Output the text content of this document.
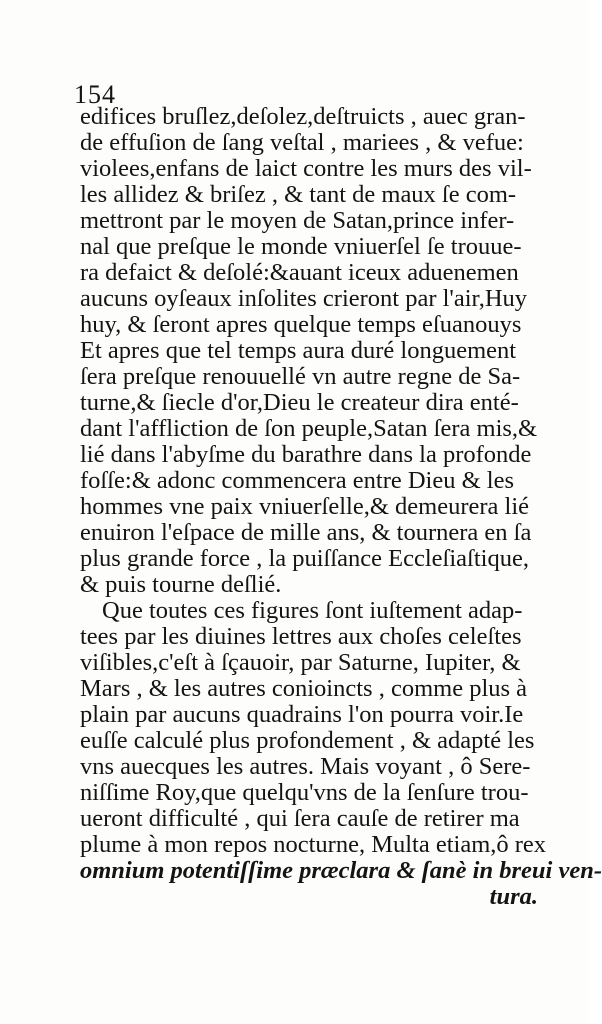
154
edifices bruſlez,deſolez,deſtruicts , auec gran-
de effuſion de ſang veſtal , mariees , & vefue:
violees,enfans de laict contre les murs des vil-
les allidez & briſez , & tant de maux ſe com-
mettront par le moyen de Satan,prince infer-
nal que preſque le monde vniuerſel ſe trouue-
ra defaict & deſolé:&auant iceux aduenemen
aucuns oyſeaux inſolites crieront par l'air,Huy
huy, & ſeront apres quelque temps eſuanouys
Et apres que tel temps aura duré longuement
ſera preſque renouuellé vn autre regne de Sa-
turne,& ſiecle d'or,Dieu le createur dira enté-
dant l'affliction de ſon peuple,Satan ſera mis,&
lié dans l'abyſme du barathre dans la profonde
foſſe:& adonc commencera entre Dieu & les
hommes vne paix vniuerſelle,& demeurera lié
enuiron l'eſpace de mille ans, & tournera en ſa
plus grande force , la puiſſance Eccleſiaſtique,
& puis tourne deſlié.
Que toutes ces figures ſont iuſtement adap-
tees par les diuines lettres aux choſes celeſtes
viſibles,c'eſt à ſçauoir, par Saturne, Iupiter, &
Mars , & les autres conioincts , comme plus à
plain par aucuns quadrains l'on pourra voir.Ie
euſſe calculé plus profondement , & adapté les
vns auecques les autres. Mais voyant , ô Sere-
niſſime Roy,que quelqu'vns de la ſenſure trou-
ueront difficulté , qui ſera cauſe de retirer ma
plume à mon repos nocturne, Multa etiam,ô rex
omnium potentiſſime præclara & ſanè in breui ven-
tura.
